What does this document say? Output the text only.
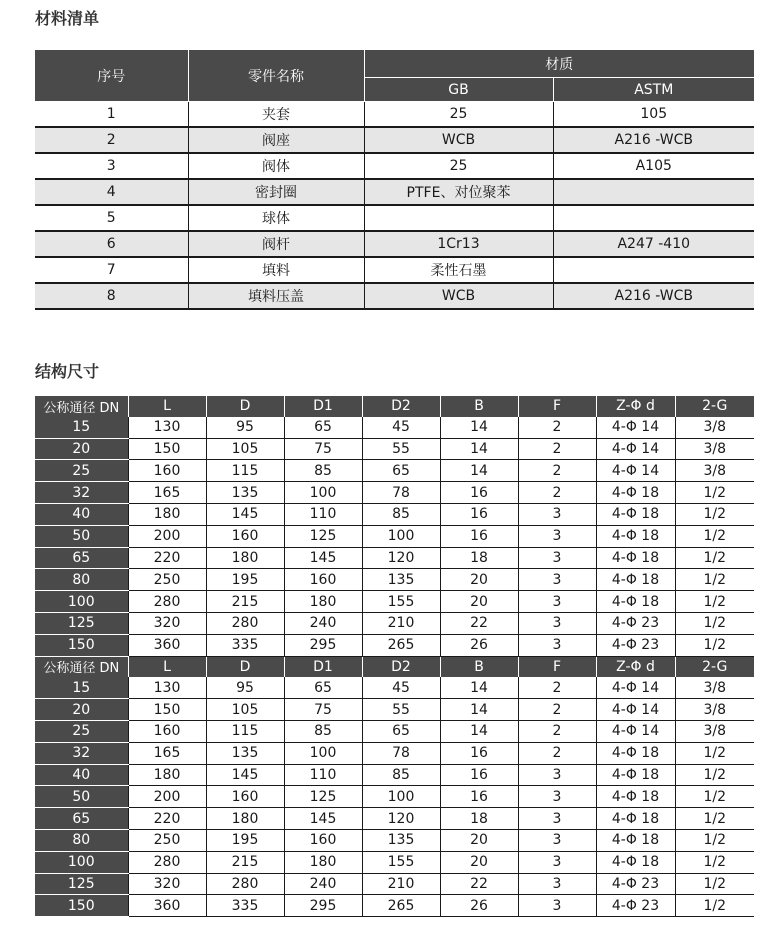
材料清单
序号	零件名称	材质	
		GB	ASTM
1	夹套	25	105
2	阀座	WCB	A216 -WCB
3	阀体	25	A105
4	密封圈	PTFE、对位聚苯	
5	球体		
6	阀杆	1Cr13	A247 -410
7	填料	柔性石墨	
8	填料压盖	WCB	A216 -WCB
结构尺寸
公称通径 DN	L	D	D1	D2	B	F	Z-Φ d	2-G
15	130	95	65	45	14	2	4-Φ 14	3/8
20	150	105	75	55	14	2	4-Φ 14	3/8
25	160	115	85	65	14	2	4-Φ 14	3/8
32	165	135	100	78	16	2	4-Φ 18	1/2
40	180	145	110	85	16	3	4-Φ 18	1/2
50	200	160	125	100	16	3	4-Φ 18	1/2
65	220	180	145	120	18	3	4-Φ 18	1/2
80	250	195	160	135	20	3	4-Φ 18	1/2
100	280	215	180	155	20	3	4-Φ 18	1/2
125	320	280	240	210	22	3	4-Φ 23	1/2
150	360	335	295	265	26	3	4-Φ 23	1/2
公称通径 DN	L	D	D1	D2	B	F	Z-Φ d	2-G
15	130	95	65	45	14	2	4-Φ 14	3/8
20	150	105	75	55	14	2	4-Φ 14	3/8
25	160	115	85	65	14	2	4-Φ 14	3/8
32	165	135	100	78	16	2	4-Φ 18	1/2
40	180	145	110	85	16	3	4-Φ 18	1/2
50	200	160	125	100	16	3	4-Φ 18	1/2
65	220	180	145	120	18	3	4-Φ 18	1/2
80	250	195	160	135	20	3	4-Φ 18	1/2
100	280	215	180	155	20	3	4-Φ 18	1/2
125	320	280	240	210	22	3	4-Φ 23	1/2
150	360	335	295	265	26	3	4-Φ 23	1/2
